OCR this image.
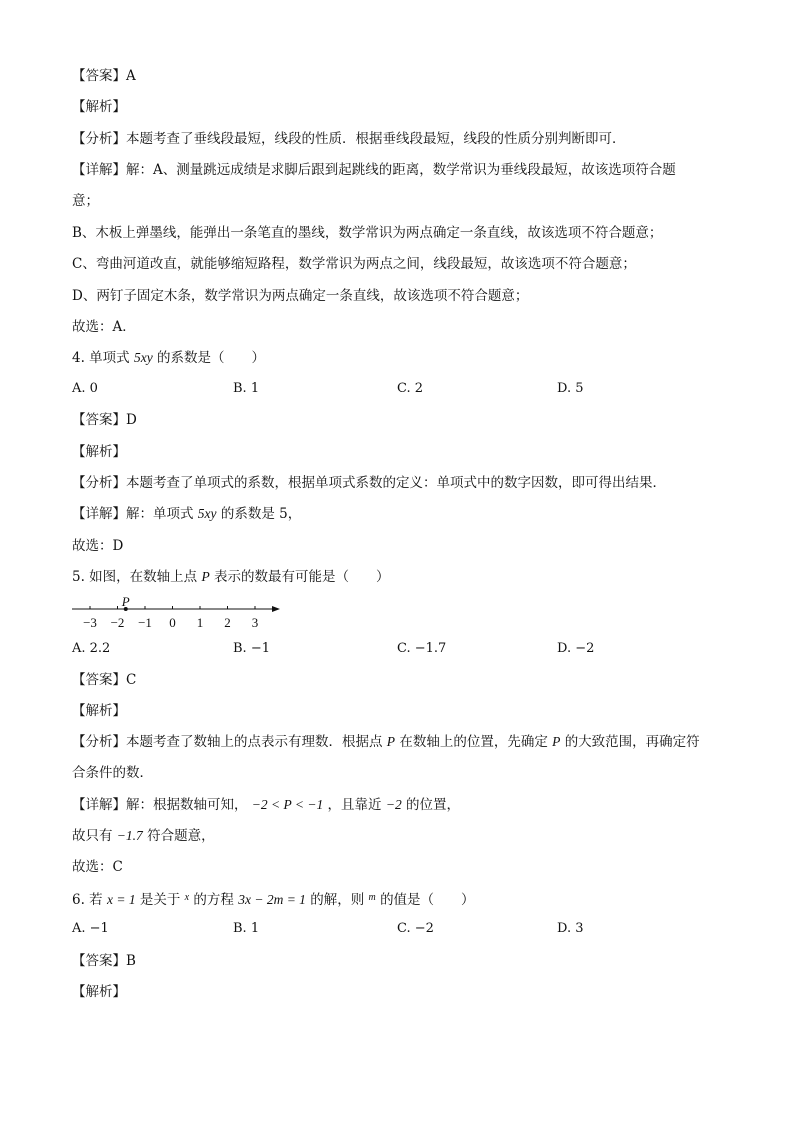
【答案】A
【解析】
【分析】本题考查了垂线段最短，线段的性质．根据垂线段最短，线段的性质分别判断即可．
【详解】解：A、测量跳远成绩是求脚后跟到起跳线的距离，数学常识为垂线段最短，故该选项符合题
意；
B、木板上弹墨线，能弹出一条笔直的墨线，数学常识为两点确定一条直线，故该选项不符合题意；
C、弯曲河道改直，就能够缩短路程，数学常识为两点之间，线段最短，故该选项不符合题意；
D、两钉子固定木条，数学常识为两点确定一条直线，故该选项不符合题意；
故选：A．
4. 单项式 5xy 的系数是（　　）
A. 0	B. 1	C. 2	D. 5
【答案】D
【解析】
【分析】本题考查了单项式的系数，根据单项式系数的定义：单项式中的数字因数，即可得出结果．
【详解】解：单项式 5xy 的系数是 5，
故选：D
5. 如图，在数轴上点 P 表示的数最有可能是（　　）
−3 −2 −1 0 1 2 3
P
A. 2.2	B. −1	C. −1.7	D. −2
【答案】C
【解析】
【分析】本题考查了数轴上的点表示有理数．根据点 P 在数轴上的位置，先确定 P 的大致范围，再确定符
合条件的数．
【详解】解：根据数轴可知， −2 < P < −1 ，且靠近 −2 的位置，
故只有 −1.7 符合题意，
故选：C
6. 若 x = 1 是关于 $^x$ 的方程 3x − 2m = 1 的解，则 $^m$ 的值是（　　）
A. −1	B. 1	C. −2	D. 3
【答案】B
【解析】
